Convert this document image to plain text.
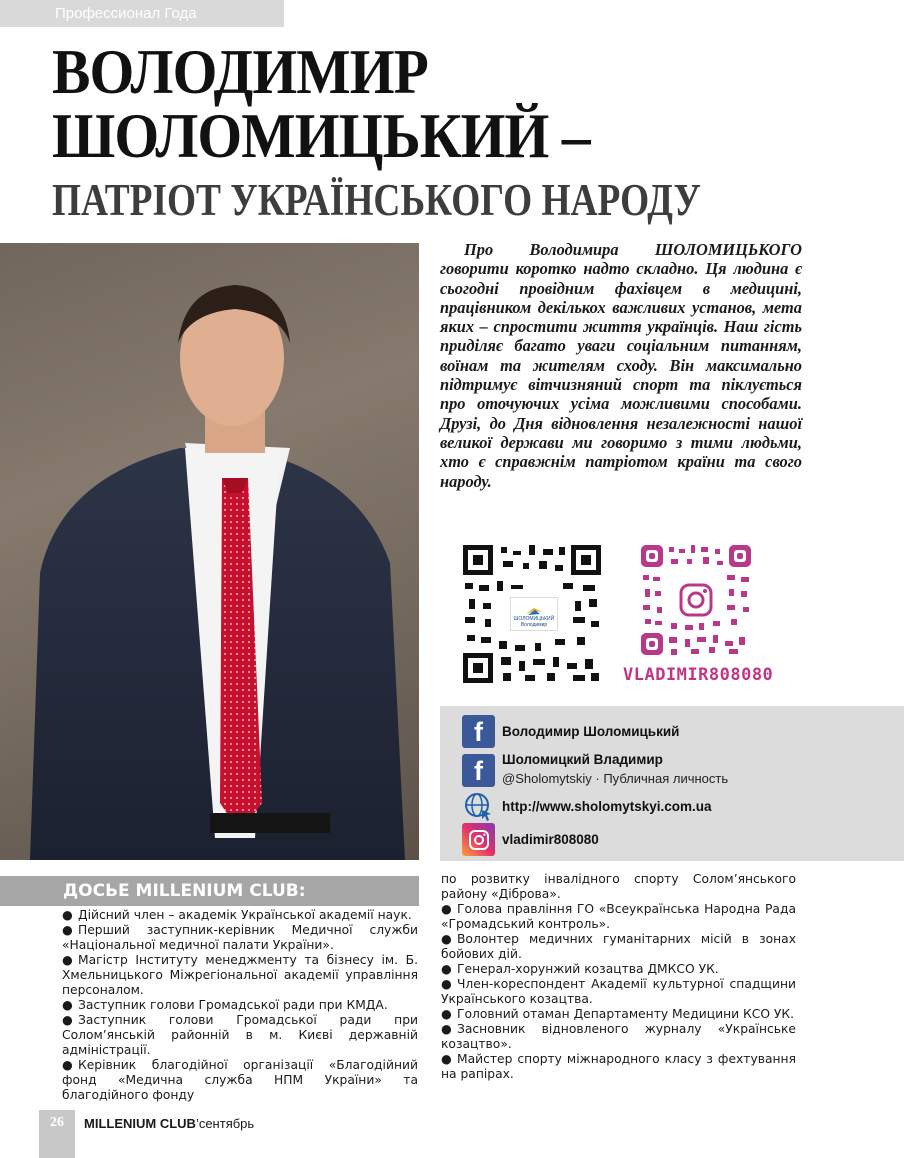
Професcионал Года
ВОЛОДИМИР
ШОЛОМИЦЬКИЙ –
ПАТРІОТ УКРАЇНСЬКОГО НАРОДУ

Про Володимира ШОЛОМИЦЬКОГО говорити коротко надто складно. Ця людина є сьогодні провідним фахівцем в медицині, працівником декількох важливих установ, мета яких – спростити життя українців. Наш гість приділяє багато уваги соціальним питанням, воїнам та жителям сходу. Він максимально підтримує вітчизняний спорт та піклується про оточуючих усіма можливими способами. Друзі, до Дня відновлення незалежності нашої великої держави ми говоримо з тими людьми, хто є справжнім патріотом країни та свого народу.

ШОЛОМИЦЬКИЙ Володимир
VLADIMIR808080
f	Володимир Шоломицький
f	Шоломицкий Владимир
@Sholomytskiy · Публичная личность
http://www.sholomytskyi.com.ua
vladimir808080
ДОСЬЕ MILLENIUM CLUB:
● Дійсний член – академік Української академії наук.
● Перший заступник-керівник Медичної служби «Національної медичної палати України».
● Магістр Інституту менеджменту та бізнесу ім. Б. Хмельницького Міжрегіональної академії управління персоналом.
● Заступник голови Громадської ради при КМДА.
● Заступник голови Громадської ради при Солом’янській районній в м. Києві державній адміністрації.
● Керівник благодійної організації «Благодійний фонд «Медична служба НПМ України» та благодійного фонду
по розвитку інвалідного спорту Солом’янського району «Діброва».
● Голова правління ГО «Всеукраїнська Народна Рада «Громадський контроль».
● Волонтер медичних гуманітарних місій в зонах бойових дій.
● Генерал-хорунжий козацтва ДМКСО УК.
● Член-кореспондент Академії культурної спадщини Українського козацтва.
● Головний отаман Департаменту Медицини КСО УК.
● Засновник відновленого журналу «Українське козацтво».
● Майстер спорту міжнародного класу з фехтування на рапірах.
26	MILLENIUM CLUB’сентябрь
